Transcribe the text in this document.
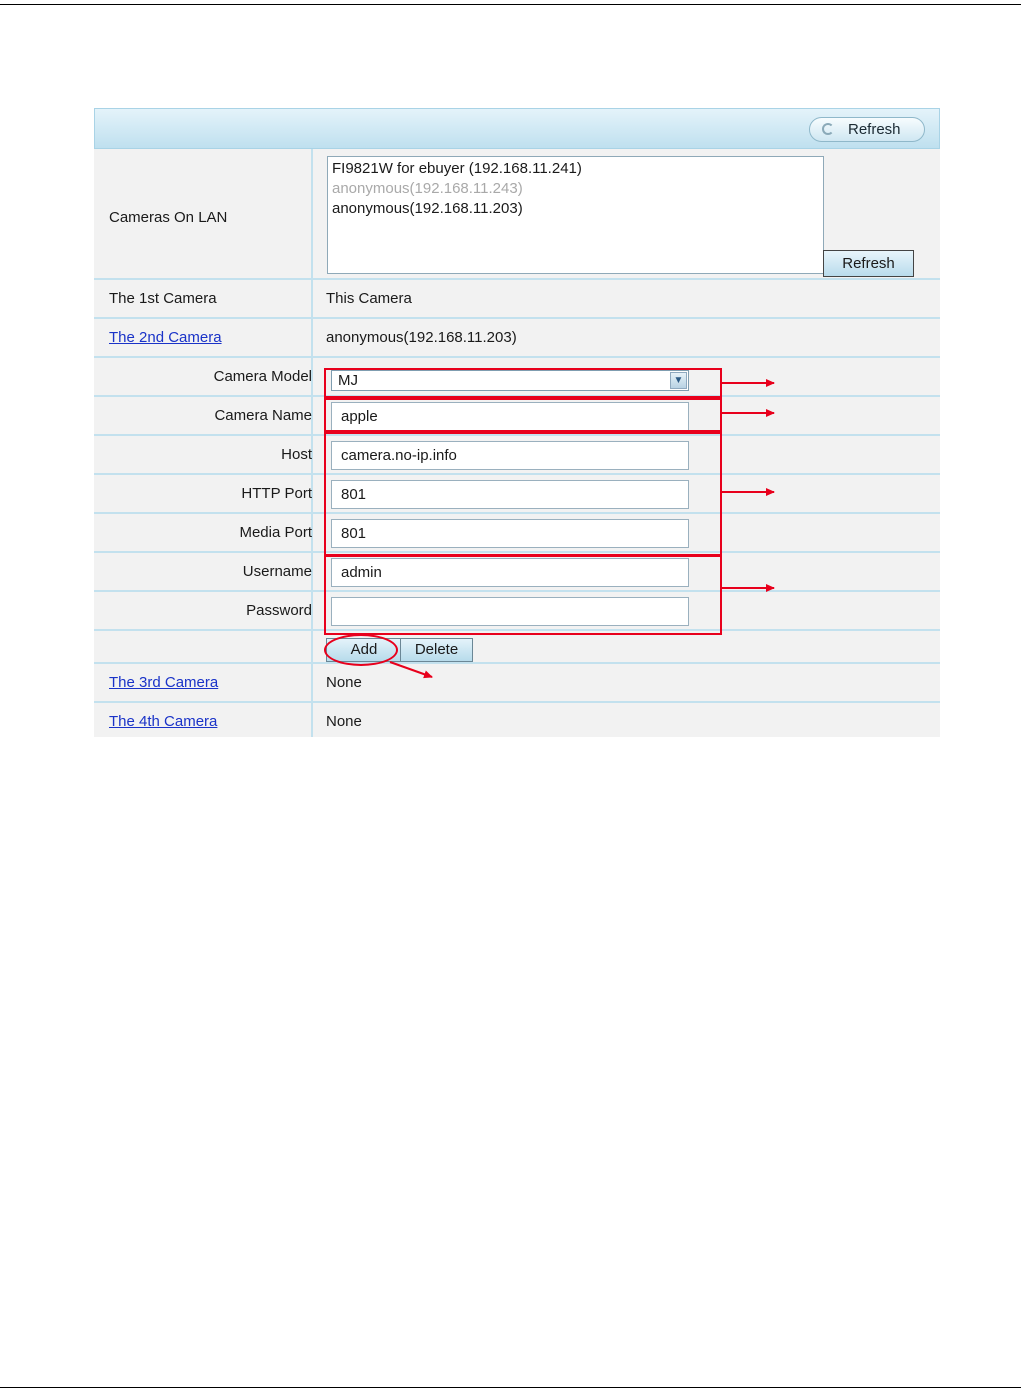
Refresh
Cameras On LAN
FI9821W for ebuyer (192.168.11.241)
anonymous(192.168.11.243)
anonymous(192.168.11.203)
Refresh
The 1st Camera	This Camera
The 2nd Camera	anonymous(192.168.11.203)
Camera Model	MJ	▼
Camera Name	apple
Host	camera.no-ip.info
HTTP Port	801
Media Port	801
Username	admin
Password
Add	Delete
The 3rd Camera	None
The 4th Camera	None
